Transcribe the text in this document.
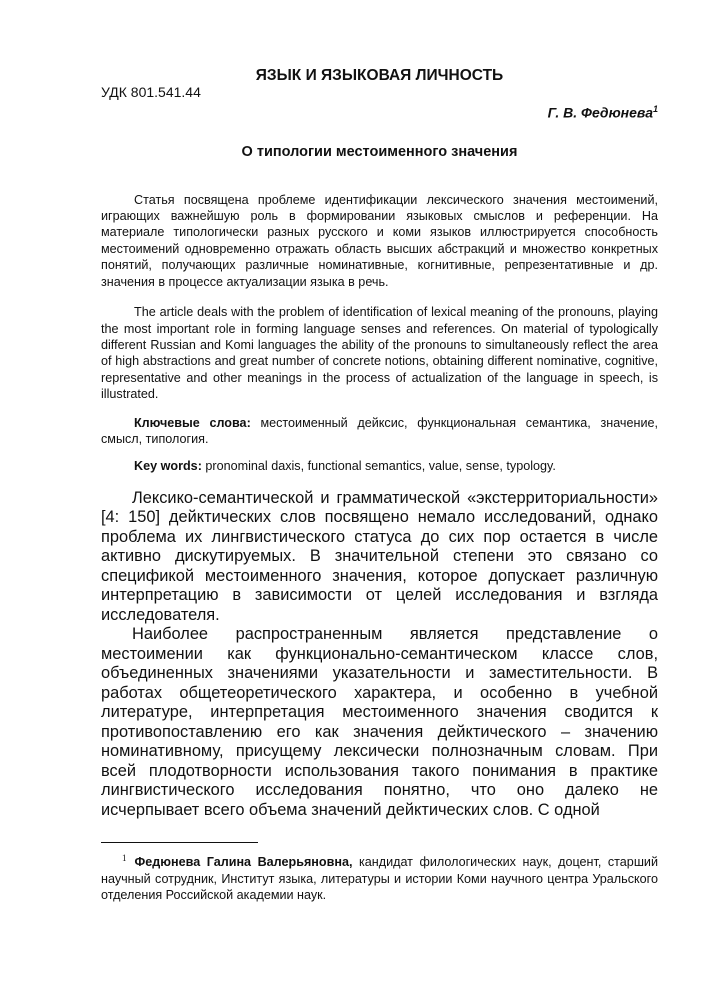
ЯЗЫК И ЯЗЫКОВАЯ ЛИЧНОСТЬ

УДК 801.541.44

Г. В. Федюнева$^1$

О типологии местоименного значения

Статья посвящена проблеме идентификации лексического значения местоимений, играющих важнейшую роль в формировании языковых смыслов и референции. На материале типологически разных русского и коми языков иллюстрируется способность местоимений одновременно отражать область высших абстракций и множество конкретных понятий, получающих различные номинативные, когнитивные, репрезентативные и др. значения в процессе актуализации языка в речь.

The article deals with the problem of identification of lexical meaning of the pronouns, playing the most important role in forming language senses and references. On material of typologically different Russian and Komi languages the ability of the pronouns to simultaneously reflect the area of high abstractions and great number of concrete notions, obtaining different nominative, cognitive, representative and other meanings in the process of actualization of the language in speech, is illustrated.

Ключевые слова: местоименный дейксис, функциональная семантика, значение, смысл, типология.

Key words: pronominal daxis, functional semantics, value, sense, typology.

Лексико-семантической и грамматической «экстерриториальности» [4: 150] дейктических слов посвящено немало исследований, однако проблема их лингвистического статуса до сих пор остается в числе активно дискутируемых. В значительной степени это связано со спецификой местоименного значения, которое допускает различную интерпретацию в зависимости от целей исследования и взгляда исследователя.

Наиболее распространенным является представление о местоимении как функционально-семантическом классе слов, объединенных значениями указательности и заместительности. В работах общетеоретического характера, и особенно в учебной литературе, интерпретация местоименного значения сводится к противопоставлению его как значения дейктического – значению номинативному, присущему лексически полнозначным словам. При всей плодотворности использования такого понимания в практике лингвистического исследования понятно, что оно далеко не исчерпывает всего объема значений дейктических слов. С одной

$^1$ Федюнева Галина Валерьяновна, кандидат филологических наук, доцент, старший научный сотрудник, Институт языка, литературы и истории Коми научного центра Уральского отделения Российской академии наук.
